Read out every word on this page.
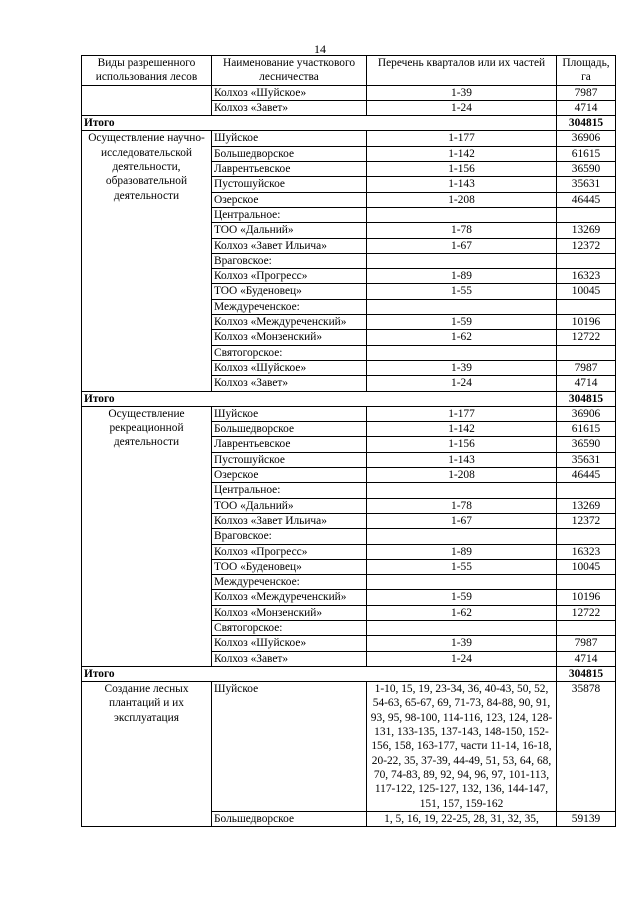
14
Виды разрешенного использования лесов	Наименование участкового лесничества	Перечень кварталов или их частей	Площадь, га
	Колхоз «Шуйское»	1-39	7987
	Колхоз «Завет»	1-24	4714
Итого			304815
Осуществление научно-исследовательской деятельности, образовательной деятельности	Шуйское	1-177	36906
	Большедворское	1-142	61615
	Лаврентьевское	1-156	36590
	Пустошуйское	1-143	35631
	Озерское	1-208	46445
	Центральное:		
	ТОО «Дальний»	1-78	13269
	Колхоз «Завет Ильича»	1-67	12372
	Враговское:		
	Колхоз «Прогресс»	1-89	16323
	ТОО «Буденовец»	1-55	10045
	Междуреченское:		
	Колхоз «Междуреченский»	1-59	10196
	Колхоз «Монзенский»	1-62	12722
	Святогорское:		
	Колхоз «Шуйское»	1-39	7987
	Колхоз «Завет»	1-24	4714
Итого			304815
Осуществление рекреационной деятельности	Шуйское	1-177	36906
	Большедворское	1-142	61615
	Лаврентьевское	1-156	36590
	Пустошуйское	1-143	35631
	Озерское	1-208	46445
	Центральное:		
	ТОО «Дальний»	1-78	13269
	Колхоз «Завет Ильича»	1-67	12372
	Враговское:		
	Колхоз «Прогресс»	1-89	16323
	ТОО «Буденовец»	1-55	10045
	Междуреченское:		
	Колхоз «Междуреченский»	1-59	10196
	Колхоз «Монзенский»	1-62	12722
	Святогорское:		
	Колхоз «Шуйское»	1-39	7987
	Колхоз «Завет»	1-24	4714
Итого			304815
Создание лесных плантаций и их эксплуатация	Шуйское	1-10, 15, 19, 23-34, 36, 40-43, 50, 52, 54-63, 65-67, 69, 71-73, 84-88, 90, 91, 93, 95, 98-100, 114-116, 123, 124, 128-131, 133-135, 137-143, 148-150, 152-156, 158, 163-177, части 11-14, 16-18, 20-22, 35, 37-39, 44-49, 51, 53, 64, 68, 70, 74-83, 89, 92, 94, 96, 97, 101-113, 117-122, 125-127, 132, 136, 144-147, 151, 157, 159-162	35878
	Большедворское	1, 5, 16, 19, 22-25, 28, 31, 32, 35,	59139
